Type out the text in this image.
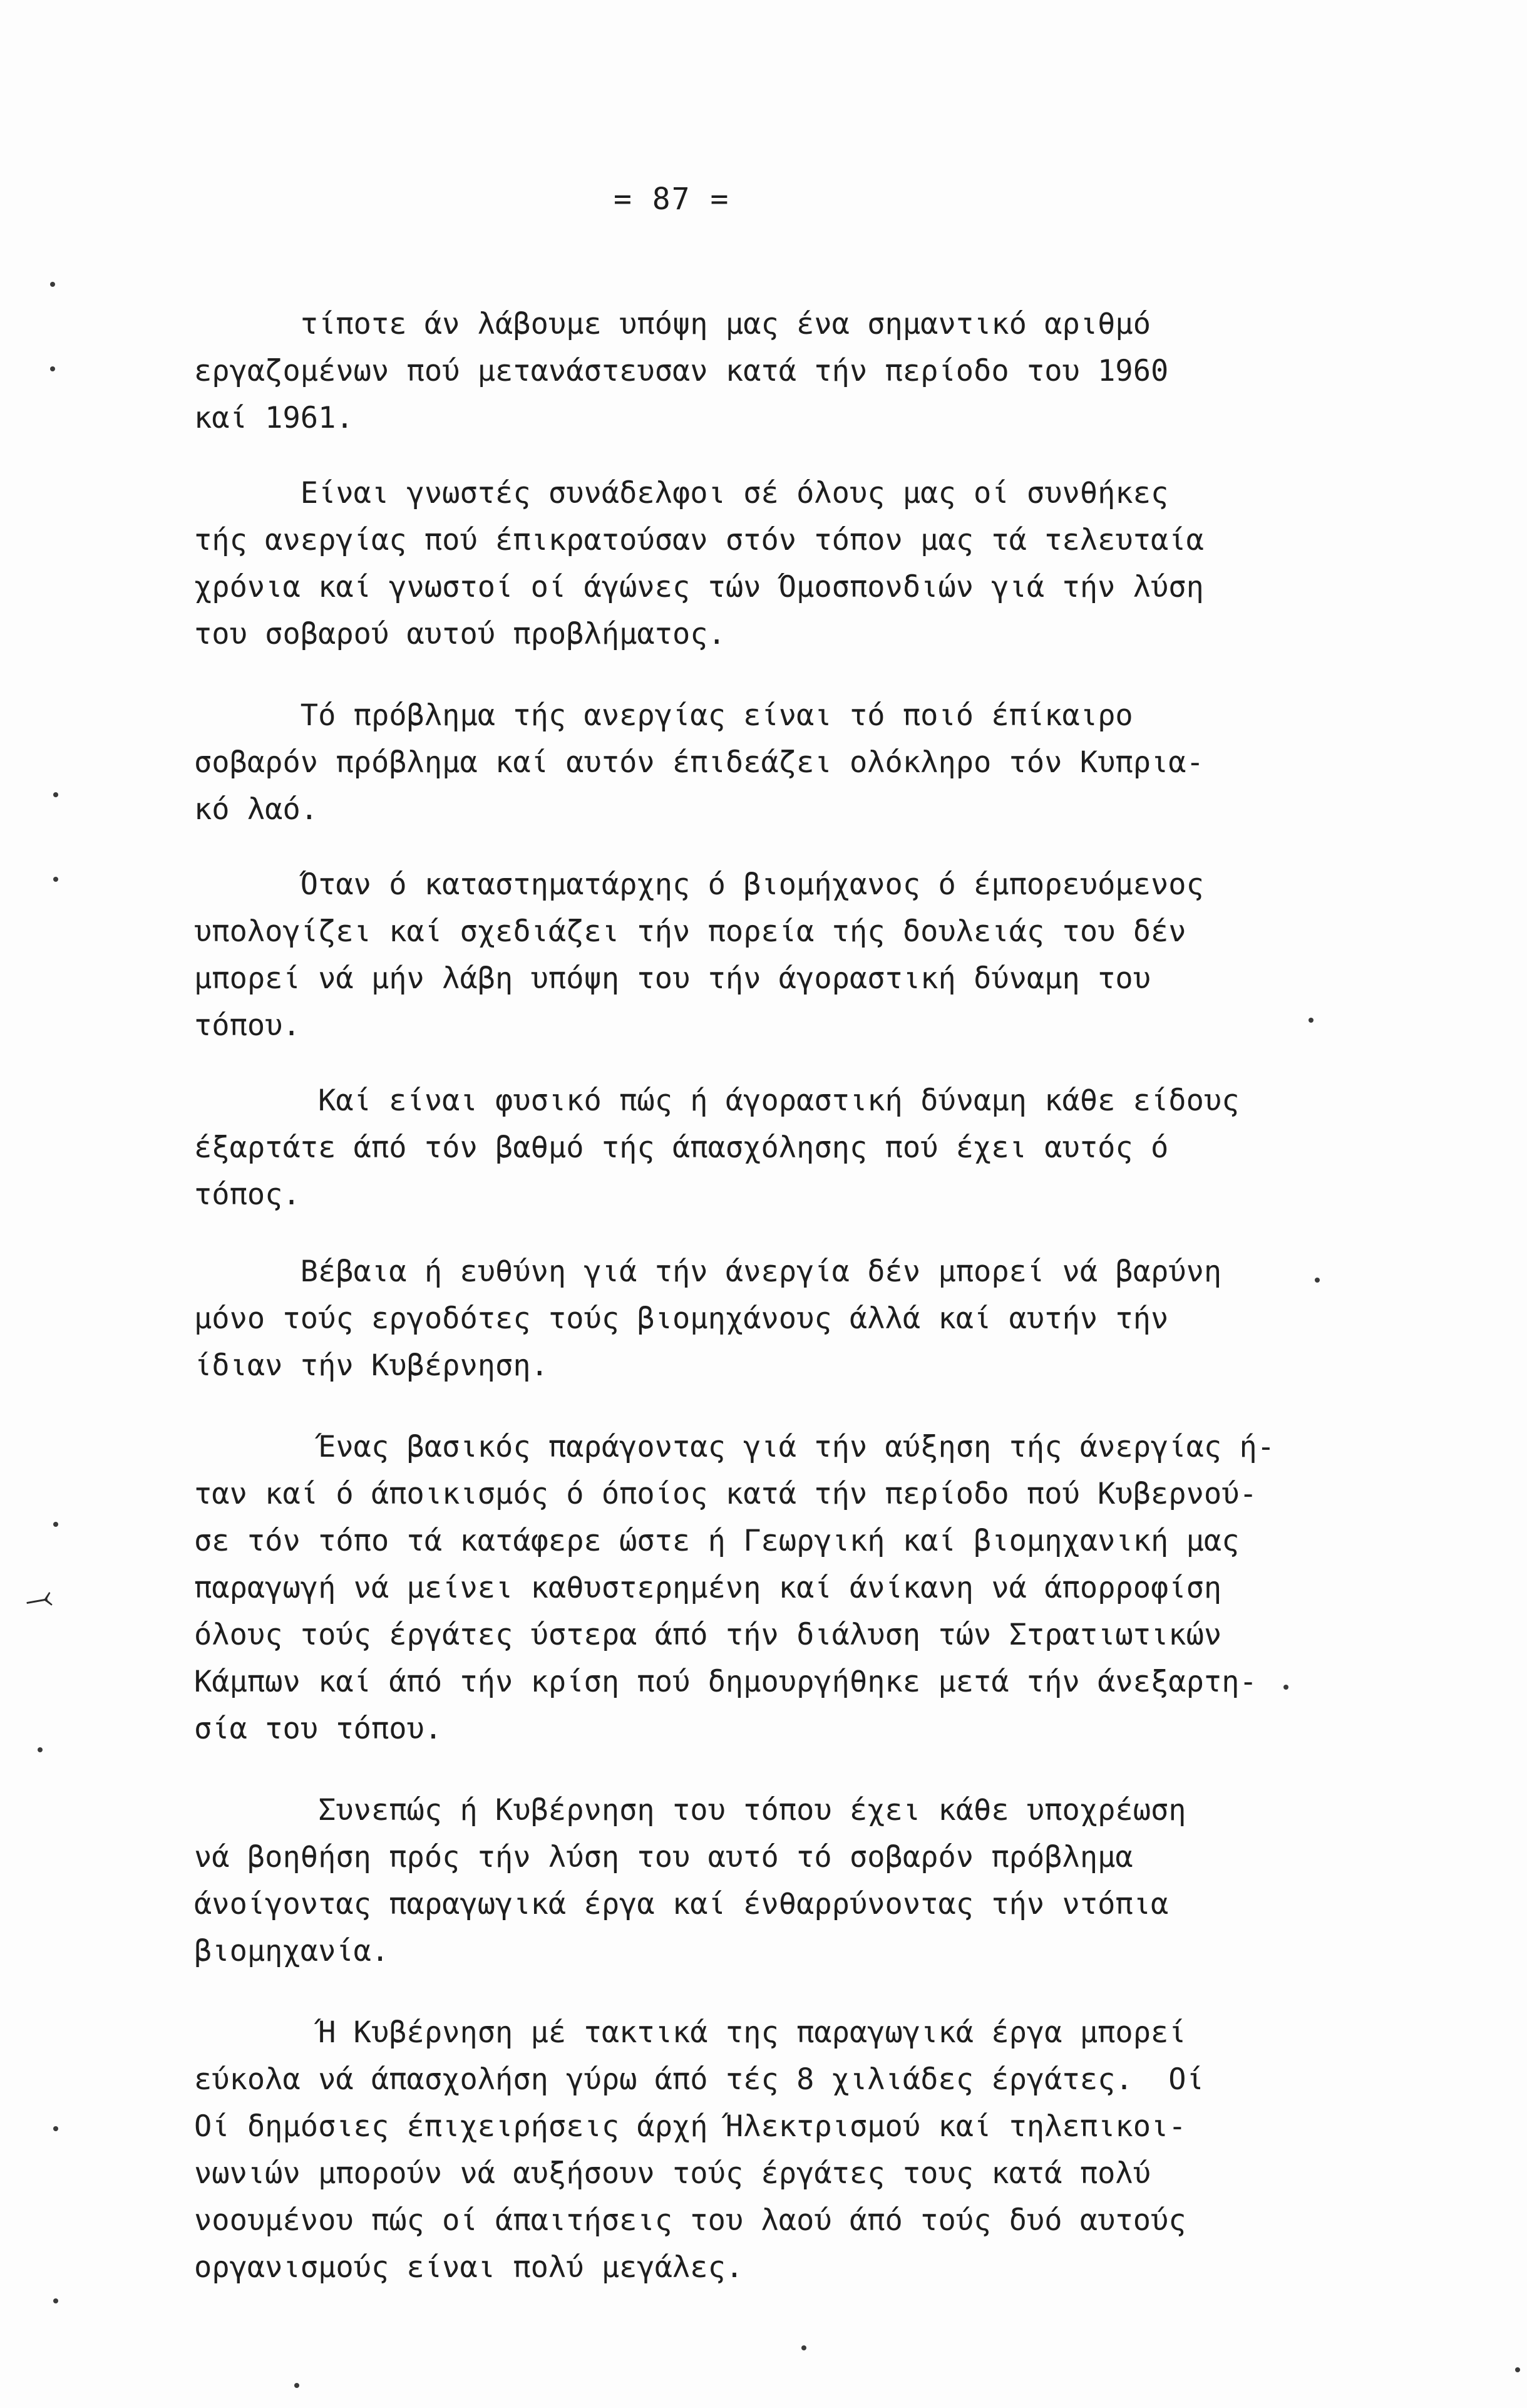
= 87 =

τίποτε άν λάβουμε υπόψη μας ένα σημαντικό αριθμό
εργαζομένων πού μετανάστευσαν κατά τήν περίοδο του 1960
καί 1961.

Είναι γνωστές συνάδελφοι σέ όλους μας οί συνθήκες
τής ανεργίας πού έπικρατούσαν στόν τόπον μας τά τελευταία
χρόνια καί γνωστοί οί άγώνες τών Όμοσπονδιών γιά τήν λύση
του σοβαρού αυτού προβλήματος.

Τό πρόβλημα τής ανεργίας είναι τό ποιό έπίκαιρο
σοβαρόν πρόβλημα καί αυτόν έπιδεάζει ολόκληρο τόν Κυπρια-
κό λαό.

Όταν ό καταστηματάρχης ό βιομήχανος ό έμπορευόμενος
υπολογίζει καί σχεδιάζει τήν πορεία τής δουλειάς του δέν
μπορεί νά μήν λάβη υπόψη του τήν άγοραστική δύναμη του
τόπου.

Καί είναι φυσικό πώς ή άγοραστική δύναμη κάθε είδους
έξαρτάτε άπό τόν βαθμό τής άπασχόλησης πού έχει αυτός ό
τόπος.

Βέβαια ή ευθύνη γιά τήν άνεργία δέν μπορεί νά βαρύνη
μόνο τούς εργοδότες τούς βιομηχάνους άλλά καί αυτήν τήν
ίδιαν τήν Κυβέρνηση.

Ένας βασικός παράγοντας γιά τήν αύξηση τής άνεργίας ή-
ταν καί ό άποικισμός ό όποίος κατά τήν περίοδο πού Κυβερνού-
σε τόν τόπο τά κατάφερε ώστε ή Γεωργική καί βιομηχανική μας
παραγωγή νά μείνει καθυστερημένη καί άνίκανη νά άπορροφίση
όλους τούς έργάτες ύστερα άπό τήν διάλυση τών Στρατιωτικών
Κάμπων καί άπό τήν κρίση πού δημουργήθηκε μετά τήν άνεξαρτη-
σία του τόπου.

Συνεπώς ή Κυβέρνηση του τόπου έχει κάθε υποχρέωση
νά βοηθήση πρός τήν λύση του αυτό τό σοβαρόν πρόβλημα
άνοίγοντας παραγωγικά έργα καί ένθαρρύνοντας τήν ντόπια
βιομηχανία.

Ή Κυβέρνηση μέ τακτικά της παραγωγικά έργα μπορεί
εύκολα νά άπασχολήση γύρω άπό τές 8 χιλιάδες έργάτες.  Οί
Οί δημόσιες έπιχειρήσεις άρχή Ήλεκτρισμού καί τηλεπικοι-
νωνιών μπορούν νά αυξήσουν τούς έργάτες τους κατά πολύ
νοουμένου πώς οί άπαιτήσεις του λαού άπό τούς δυό αυτούς
οργανισμούς είναι πολύ μεγάλες.

⤙
